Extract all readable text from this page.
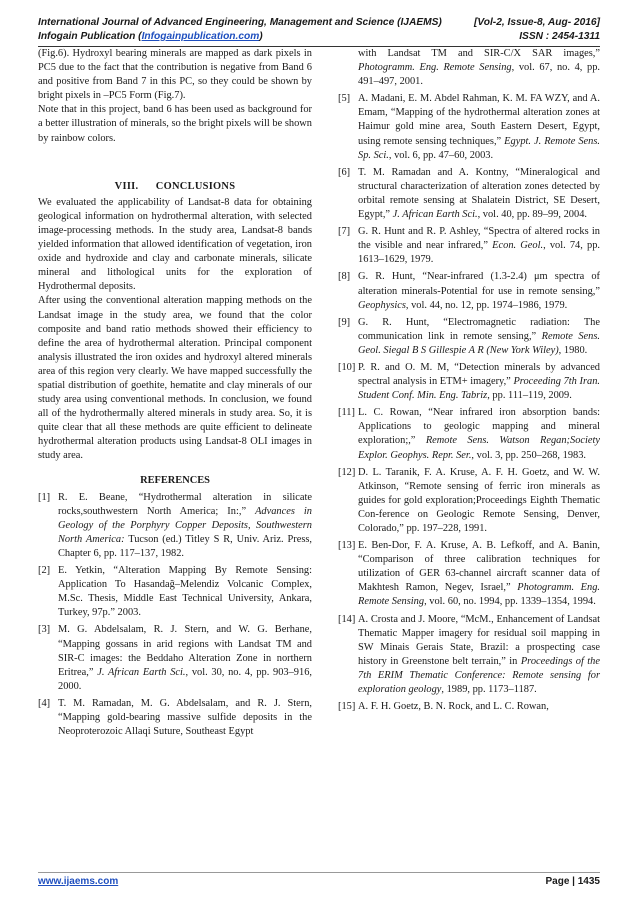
International Journal of Advanced Engineering, Management and Science (IJAEMS)	[Vol-2, Issue-8, Aug- 2016]
Infogain Publication (Infogainpublication.com)	ISSN : 2454-1311

(Fig.6). Hydroxyl bearing minerals are mapped as dark pixels in PC5 due to the fact that the contribution is negative from Band 6 and positive from Band 7 in this PC, so they could be shown by bright pixels in –PC5 Form (Fig.7).

Note that in this project, band 6 has been used as background for a better illustration of minerals, so the bright pixels will be shown by rainbow colors.

VIII.      CONCLUSIONS

We evaluated the applicability of Landsat-8 data for obtaining geological information on hydrothermal alteration, with selected image-processing methods. In the study area, Landsat-8 bands yielded information that allowed identification of vegetation, iron oxide and hydroxide and clay and carbonate minerals, silicate mineral and lithological units for the exploration of Hydrothermal deposits.

After using the conventional alteration mapping methods on the Landsat image in the study area, we found that the color composite and band ratio methods showed their efficiency to define the area of hydrothermal alteration. Principal component analysis illustrated the iron oxides and hydroxyl altered minerals area of this region very clearly. We have mapped successfully the spatial distribution of goethite, hematite and clay minerals of our study area using conventional methods. In conclusion, we found all of the hydrothermally altered minerals in study area. So, it is quite clear that all these methods are quite efficient to delineate hydrothermal alteration products using Landsat-8 OLI images in study area.

REFERENCES

[1] R. E. Beane, “Hydrothermal alteration in silicate rocks,southwestern North America; In:,” Advances in Geology of the Porphyry Copper Deposits, Southwestern North America: Tucson (ed.) Titley S R, Univ. Ariz. Press, Chapter 6, pp. 117–137, 1982.
[2] E. Yetkin, “Alteration Mapping By Remote Sensing: Application To Hasandağ–Melendiz Volcanic Complex, M.Sc. Thesis, Middle East Technical University, Ankara, Turkey, 97p.” 2003.
[3] M. G. Abdelsalam, R. J. Stern, and W. G. Berhane, “Mapping gossans in arid regions with Landsat TM and SIR-C images: the Beddaho Alteration Zone in northern Eritrea,” J. African Earth Sci., vol. 30, no. 4, pp. 903–916, 2000.
[4] T. M. Ramadan, M. G. Abdelsalam, and R. J. Stern, “Mapping gold-bearing massive sulfide deposits in the Neoproterozoic Allaqi Suture, Southeast Egypt
with Landsat TM and SIR-C/X SAR images,” Photogramm. Eng. Remote Sensing, vol. 67, no. 4, pp. 491–497, 2001.
[5] A. Madani, E. M. Abdel Rahman, K. M. FA WZY, and A. Emam, “Mapping of the hydrothermal alteration zones at Haimur gold mine area, South Eastern Desert, Egypt, using remote sensing techniques,” Egypt. J. Remote Sens. Sp. Sci., vol. 6, pp. 47–60, 2003.
[6] T. M. Ramadan and A. Kontny, “Mineralogical and structural characterization of alteration zones detected by orbital remote sensing at Shalatein District, SE Desert, Egypt,” J. African Earth Sci., vol. 40, pp. 89–99, 2004.
[7] G. R. Hunt and R. P. Ashley, “Spectra of altered rocks in the visible and near infrared,” Econ. Geol., vol. 74, pp. 1613–1629, 1979.
[8] G. R. Hunt, “Near-infrared (1.3-2.4) μm spectra of alteration minerals-Potential for use in remote sensing,” Geophysics, vol. 44, no. 12, pp. 1974–1986, 1979.
[9] G. R. Hunt, “Electromagnetic radiation: The communication link in remote sensing,” Remote Sens. Geol. Siegal B S Gillespie A R (New York Wiley), 1980.
[10] P. R. and O. M. M, “Detection minerals by advanced spectral analysis in ETM+ imagery,” Proceeding 7th Iran. Student Conf. Min. Eng. Tabriz, pp. 111–119, 2009.
[11] L. C. Rowan, “Near infrared iron absorption bands: Applications to geologic mapping and mineral exploration;,” Remote Sens. Watson Regan;Society Explor. Geophys. Repr. Ser., vol. 3, pp. 250–268, 1983.
[12] D. L. Taranik, F. A. Kruse, A. F. H. Goetz, and W. W. Atkinson, “Remote sensing of ferric iron minerals as guides for gold exploration;Proceedings Eighth Thematic Con-ference on Geologic Remote Sensing, Denver, Colorado,” pp. 197–228, 1991.
[13] E. Ben-Dor, F. A. Kruse, A. B. Lefkoff, and A. Banin, “Comparison of three calibration techniques for utilization of GER 63-channel aircraft scanner data of Makhtesh Ramon, Negev, Israel,” Photogramm. Eng. Remote Sensing, vol. 60, no. 1994, pp. 1339–1354, 1994.
[14] A. Crosta and J. Moore, “McM., Enhancement of Landsat Thematic Mapper imagery for residual soil mapping in SW Minais Gerais State, Brazil: a prospecting case history in Greenstone belt terrain,” in Proceedings of the 7th ERIM Thematic Conference: Remote sensing for exploration geology, 1989, pp. 1173–1187.
[15] A. F. H. Goetz, B. N. Rock, and L. C. Rowan,
www.ijaems.com	Page | 1435
